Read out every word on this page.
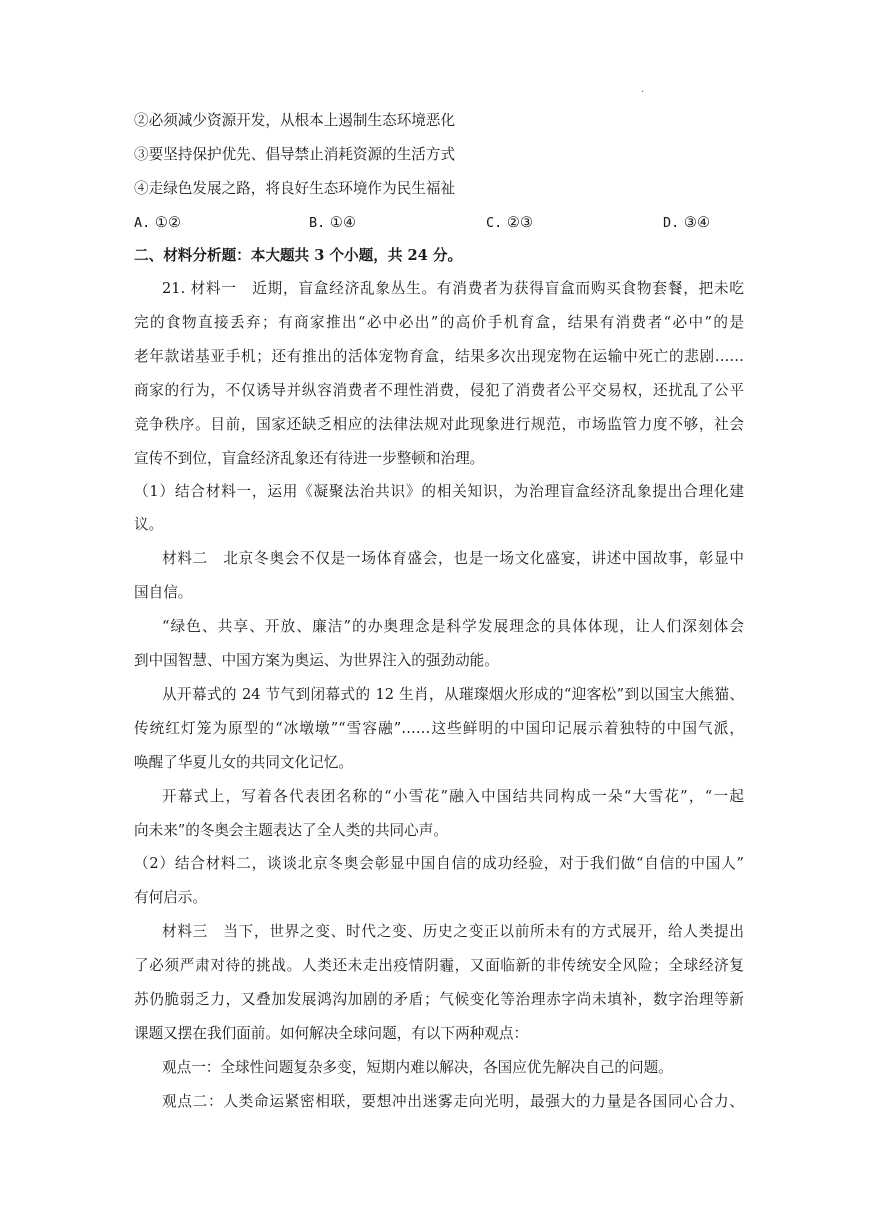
.
②必须减少资源开发，从根本上遏制生态环境恶化
③要坚持保护优先、倡导禁止消耗资源的生活方式
④走绿色发展之路，将良好生态环境作为民生福祉
A. ①②	B. ①④	C. ②③	D. ③④
二、材料分析题：本大题共 3 个小题，共 24 分。
21. 材料一　近期，盲盒经济乱象丛生。有消费者为获得盲盒而购买食物套餐，把未吃
完的食物直接丢弃；有商家推出“必中必出”的高价手机育盒，结果有消费者“必中”的是
老年款诺基亚手机；还有推出的活体宠物育盒，结果多次出现宠物在运输中死亡的悲剧……
商家的行为，不仅诱导并纵容消费者不理性消费，侵犯了消费者公平交易权，还扰乱了公平
竞争秩序。目前，国家还缺乏相应的法律法规对此现象进行规范，市场监管力度不够，社会
宣传不到位，盲盒经济乱象还有待进一步整顿和治理。
（1）结合材料一，运用《凝聚法治共识》的相关知识，为治理盲盒经济乱象提出合理化建
议。
材料二　北京冬奥会不仅是一场体育盛会，也是一场文化盛宴，讲述中国故事，彰显中
国自信。
“绿色、共享、开放、廉洁”的办奥理念是科学发展理念的具体体现，让人们深刻体会
到中国智慧、中国方案为奥运、为世界注入的强劲动能。
从开幕式的 24 节气到闭幕式的 12 生肖，从璀璨烟火形成的“迎客松”到以国宝大熊猫、
传统红灯笼为原型的“冰墩墩”“雪容融”……这些鲜明的中国印记展示着独特的中国气派，
唤醒了华夏儿女的共同文化记忆。
开幕式上，写着各代表团名称的“小雪花”融入中国结共同构成一朵“大雪花”，“一起
向未来”的冬奥会主题表达了全人类的共同心声。
（2）结合材料二，谈谈北京冬奥会彰显中国自信的成功经验，对于我们做“自信的中国人”
有何启示。
材料三　当下，世界之变、时代之变、历史之变正以前所未有的方式展开，给人类提出
了必须严肃对待的挑战。人类还未走出疫情阴霾，又面临新的非传统安全风险；全球经济复
苏仍脆弱乏力，又叠加发展鸿沟加剧的矛盾；气候变化等治理赤字尚未填补，数字治理等新
课题又摆在我们面前。如何解决全球问题，有以下两种观点：
观点一：全球性问题复杂多变，短期内难以解决，各国应优先解决自己的问题。
观点二：人类命运紧密相联，要想冲出迷雾走向光明，最强大的力量是各国同心合力、
